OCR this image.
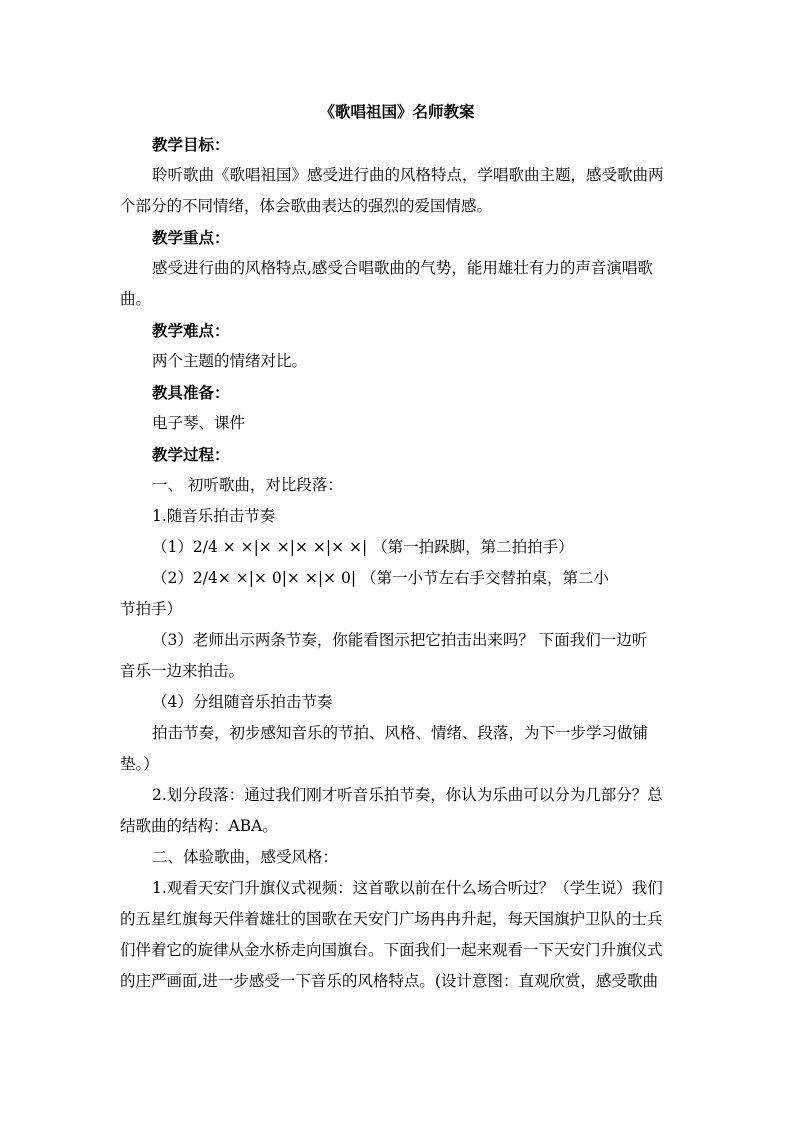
《歌唱祖国》名师教案
教学目标：
聆听歌曲《歌唱祖国》感受进行曲的风格特点，学唱歌曲主题，感受歌曲两
个部分的不同情绪，体会歌曲表达的强烈的爱国情感。
教学重点：
感受进行曲的风格特点,感受合唱歌曲的气势，能用雄壮有力的声音演唱歌
曲。
教学难点：
两个主题的情绪对比。
教具准备：
电子琴、课件
教学过程：
一、 初听歌曲，对比段落：
1.随音乐拍击节奏
（1）2/4 × ×|× ×|× ×|× ×| （第一拍跺脚，第二拍拍手）
（2）2/4× ×|× 0|× ×|× 0| （第一小节左右手交替拍桌，第二小
节拍手）
（3）老师出示两条节奏，你能看图示把它拍击出来吗？ 下面我们一边听
音乐一边来拍击。
（4）分组随音乐拍击节奏
拍击节奏，初步感知音乐的节拍、风格、情绪、段落，为下一步学习做铺
垫。）
2.划分段落：通过我们刚才听音乐拍节奏，你认为乐曲可以分为几部分？总
结歌曲的结构：ABA。
二、体验歌曲，感受风格：
1.观看天安门升旗仪式视频：这首歌以前在什么场合听过？（学生说）我们
的五星红旗每天伴着雄壮的国歌在天安门广场冉冉升起，每天国旗护卫队的士兵
们伴着它的旋律从金水桥走向国旗台。下面我们一起来观看一下天安门升旗仪式
的庄严画面,进一步感受一下音乐的风格特点。(设计意图：直观欣赏，感受歌曲
